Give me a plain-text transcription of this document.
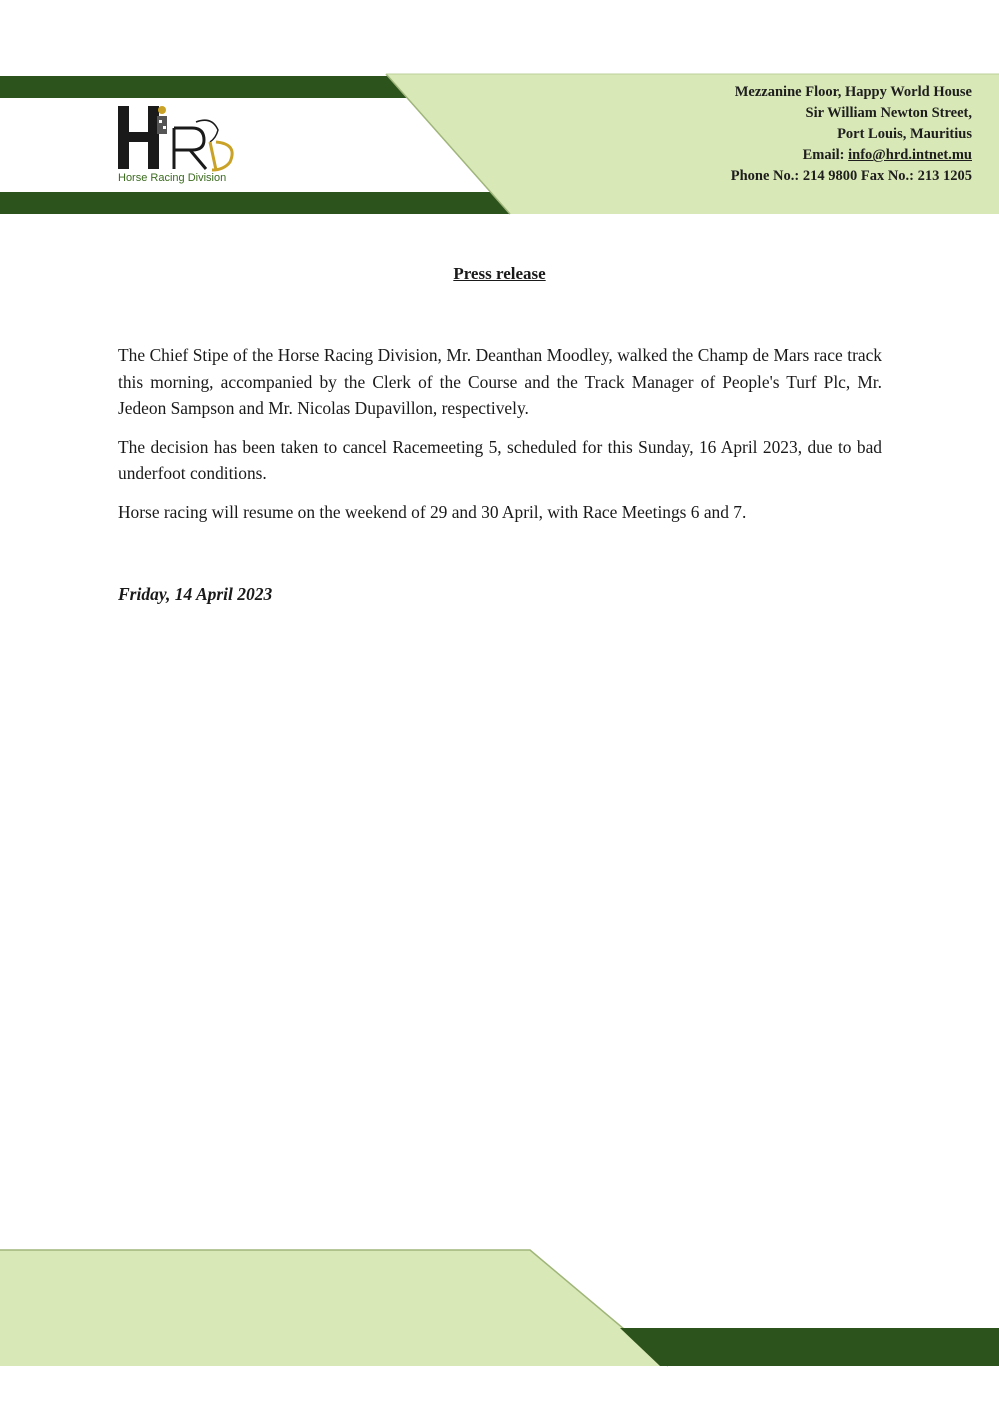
Horse Racing Division
Mezzanine Floor, Happy World House
Sir William Newton Street,
Port Louis, Mauritius
Email: info@hrd.intnet.mu
Phone No.: 214 9800 Fax No.: 213 1205
Press release

The Chief Stipe of the Horse Racing Division, Mr. Deanthan Moodley, walked the Champ de Mars race track this morning, accompanied by the Clerk of the Course and the Track Manager of People's Turf Plc, Mr. Jedeon Sampson and Mr. Nicolas Dupavillon, respectively.

The decision has been taken to cancel Racemeeting 5, scheduled for this Sunday, 16 April 2023, due to bad underfoot conditions.

Horse racing will resume on the weekend of 29 and 30 April, with Race Meetings 6 and 7.

Friday, 14 April 2023
